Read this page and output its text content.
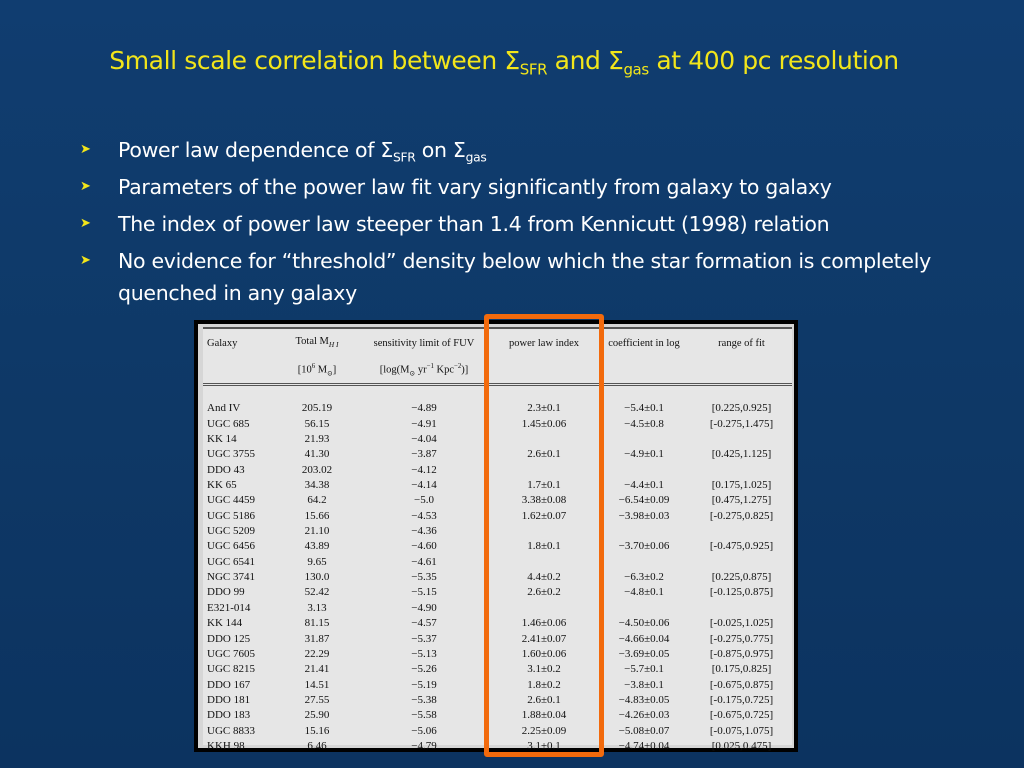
Small scale correlation between $\Sigma_{SFR}$ and $\Sigma_{gas}$ at 400 pc resolution
➤ Power law dependence of $\Sigma_{SFR}$ on $\Sigma_{gas}$
➤ Parameters of the power law fit vary significantly from galaxy to galaxy
➤ The index of power law steeper than 1.4 from Kennicutt (1998) relation
➤ No evidence for “threshold” density below which the star formation is completely quenched in any galaxy
Galaxy	Total $M_{H I}$	sensitivity limit of FUV	power law index	coefficient in log	range of fit
	[$10^6$ $M_⊙$]	[$\log(M_⊙$ $yr^{-1}$ Kpc$^{-2}$)]			

And IV	205.19	−4.89	2.3±0.1	−5.4±0.1	[0.225,0.925]
UGC 685	56.15	−4.91	1.45±0.06	−4.5±0.8	[-0.275,1.475]
KK 14	21.93	−4.04			
UGC 3755	41.30	−3.87	2.6±0.1	−4.9±0.1	[0.425,1.125]
DDO 43	203.02	−4.12			
KK 65	34.38	−4.14	1.7±0.1	−4.4±0.1	[0.175,1.025]
UGC 4459	64.2	−5.0	3.38±0.08	−6.54±0.09	[0.475,1.275]
UGC 5186	15.66	−4.53	1.62±0.07	−3.98±0.03	[-0.275,0.825]
UGC 5209	21.10	−4.36			
UGC 6456	43.89	−4.60	1.8±0.1	−3.70±0.06	[-0.475,0.925]
UGC 6541	9.65	−4.61			
NGC 3741	130.0	−5.35	4.4±0.2	−6.3±0.2	[0.225,0.875]
DDO 99	52.42	−5.15	2.6±0.2	−4.8±0.1	[-0.125,0.875]
E321-014	3.13	−4.90			
KK 144	81.15	−4.57	1.46±0.06	−4.50±0.06	[-0.025,1.025]
DDO 125	31.87	−5.37	2.41±0.07	−4.66±0.04	[-0.275,0.775]
UGC 7605	22.29	−5.13	1.60±0.06	−3.69±0.05	[-0.875,0.975]
UGC 8215	21.41	−5.26	3.1±0.2	−5.7±0.1	[0.175,0.825]
DDO 167	14.51	−5.19	1.8±0.2	−3.8±0.1	[-0.675,0.875]
DDO 181	27.55	−5.38	2.6±0.1	−4.83±0.05	[-0.175,0.725]
DDO 183	25.90	−5.58	1.88±0.04	−4.26±0.03	[-0.675,0.725]
UGC 8833	15.16	−5.06	2.25±0.09	−5.08±0.07	[-0.075,1.075]
KKH 98	6.46	−4.79	3.1±0.1	−4.74±0.04	[0.025,0.475]
